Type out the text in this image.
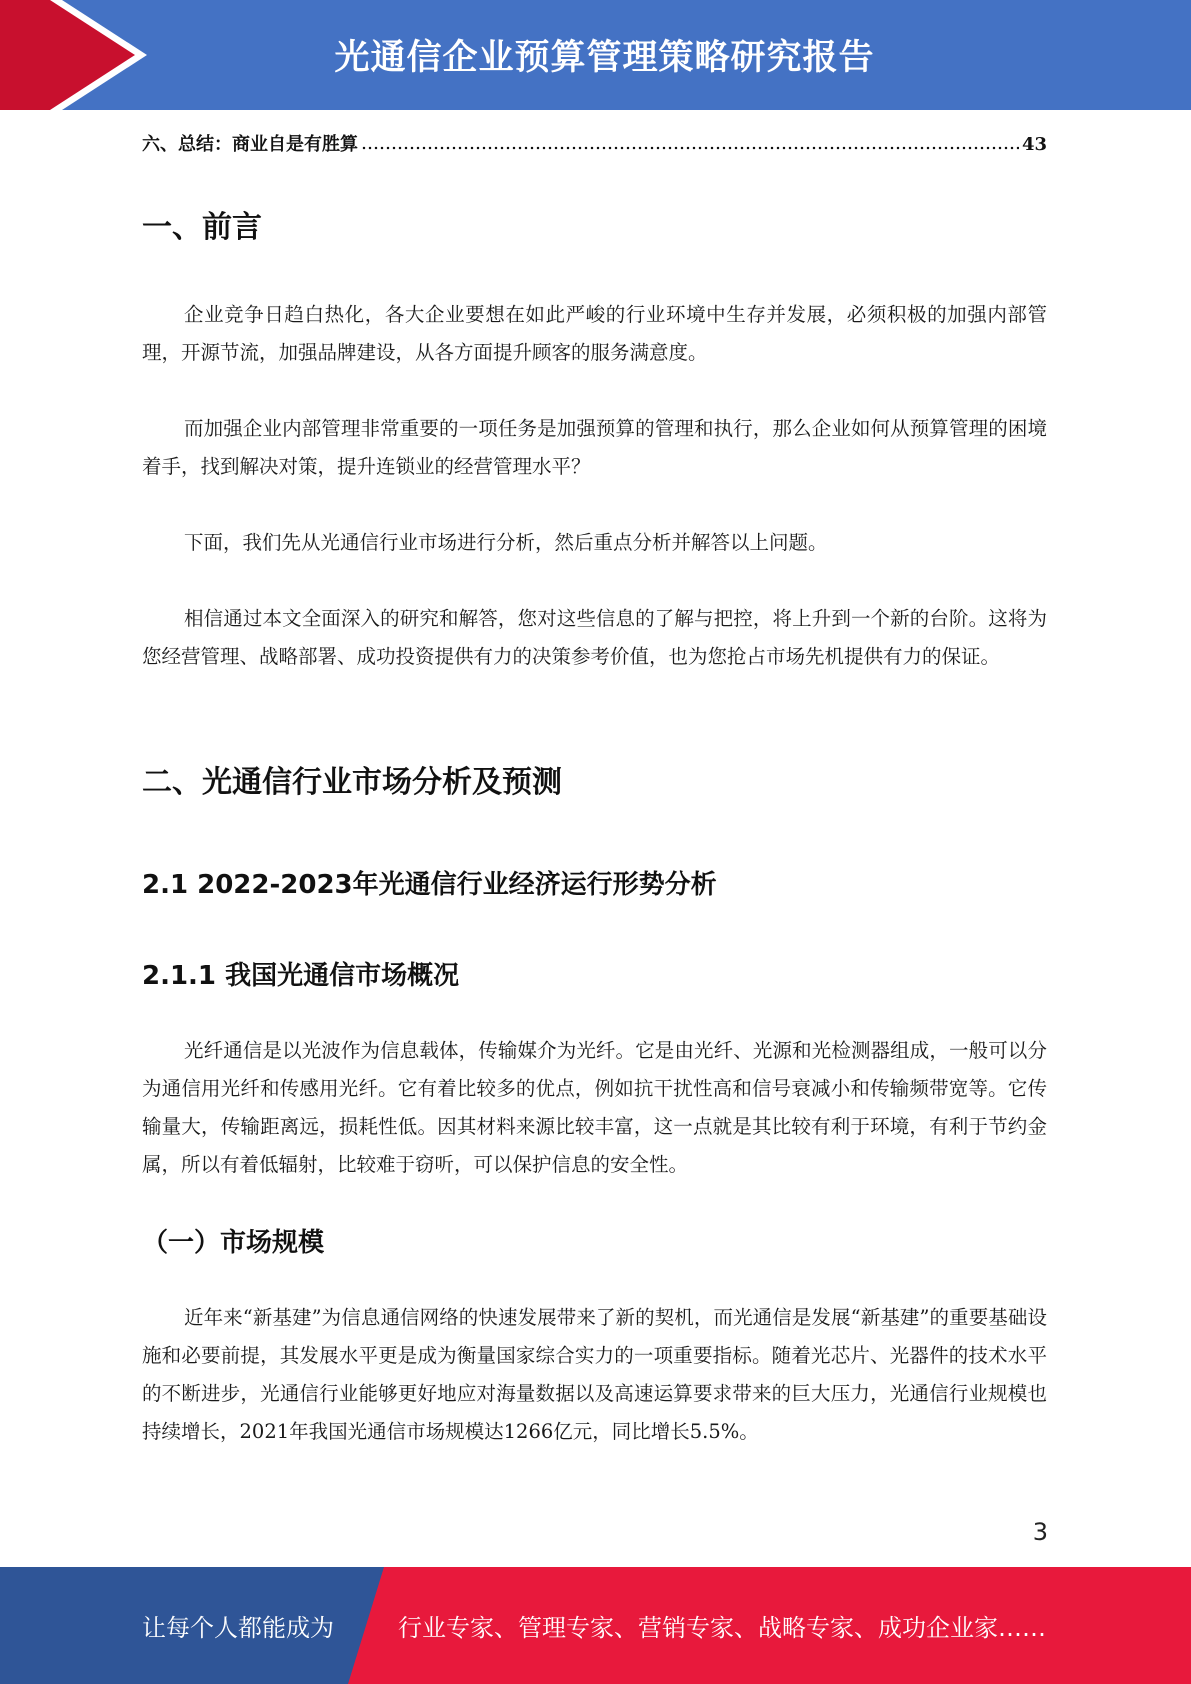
光通信企业预算管理策略研究报告
六、总结：商业自是有胜算	43
一、前言

企业竞争日趋白热化，各大企业要想在如此严峻的行业环境中生存并发展，必须积极的加强内部管理，开源节流，加强品牌建设，从各方面提升顾客的服务满意度。

而加强企业内部管理非常重要的一项任务是加强预算的管理和执行，那么企业如何从预算管理的困境着手，找到解决对策，提升连锁业的经营管理水平？

下面，我们先从光通信行业市场进行分析，然后重点分析并解答以上问题。

相信通过本文全面深入的研究和解答，您对这些信息的了解与把控，将上升到一个新的台阶。这将为您经营管理、战略部署、成功投资提供有力的决策参考价值，也为您抢占市场先机提供有力的保证。

二、光通信行业市场分析及预测
2.1 2022-2023年光通信行业经济运行形势分析
2.1.1 我国光通信市场概况

光纤通信是以光波作为信息载体，传输媒介为光纤。它是由光纤、光源和光检测器组成，一般可以分为通信用光纤和传感用光纤。它有着比较多的优点，例如抗干扰性高和信号衰减小和传输频带宽等。它传输量大，传输距离远，损耗性低。因其材料来源比较丰富，这一点就是其比较有利于环境，有利于节约金属，所以有着低辐射，比较难于窃听，可以保护信息的安全性。

（一）市场规模

近年来“新基建”为信息通信网络的快速发展带来了新的契机，而光通信是发展“新基建”的重要基础设施和必要前提，其发展水平更是成为衡量国家综合实力的一项重要指标。随着光芯片、光器件的技术水平的不断进步，光通信行业能够更好地应对海量数据以及高速运算要求带来的巨大压力，光通信行业规模也持续增长，2021年我国光通信市场规模达1266亿元，同比增长5.5%。

3
让每个人都能成为	行业专家、管理专家、营销专家、战略专家、成功企业家……
